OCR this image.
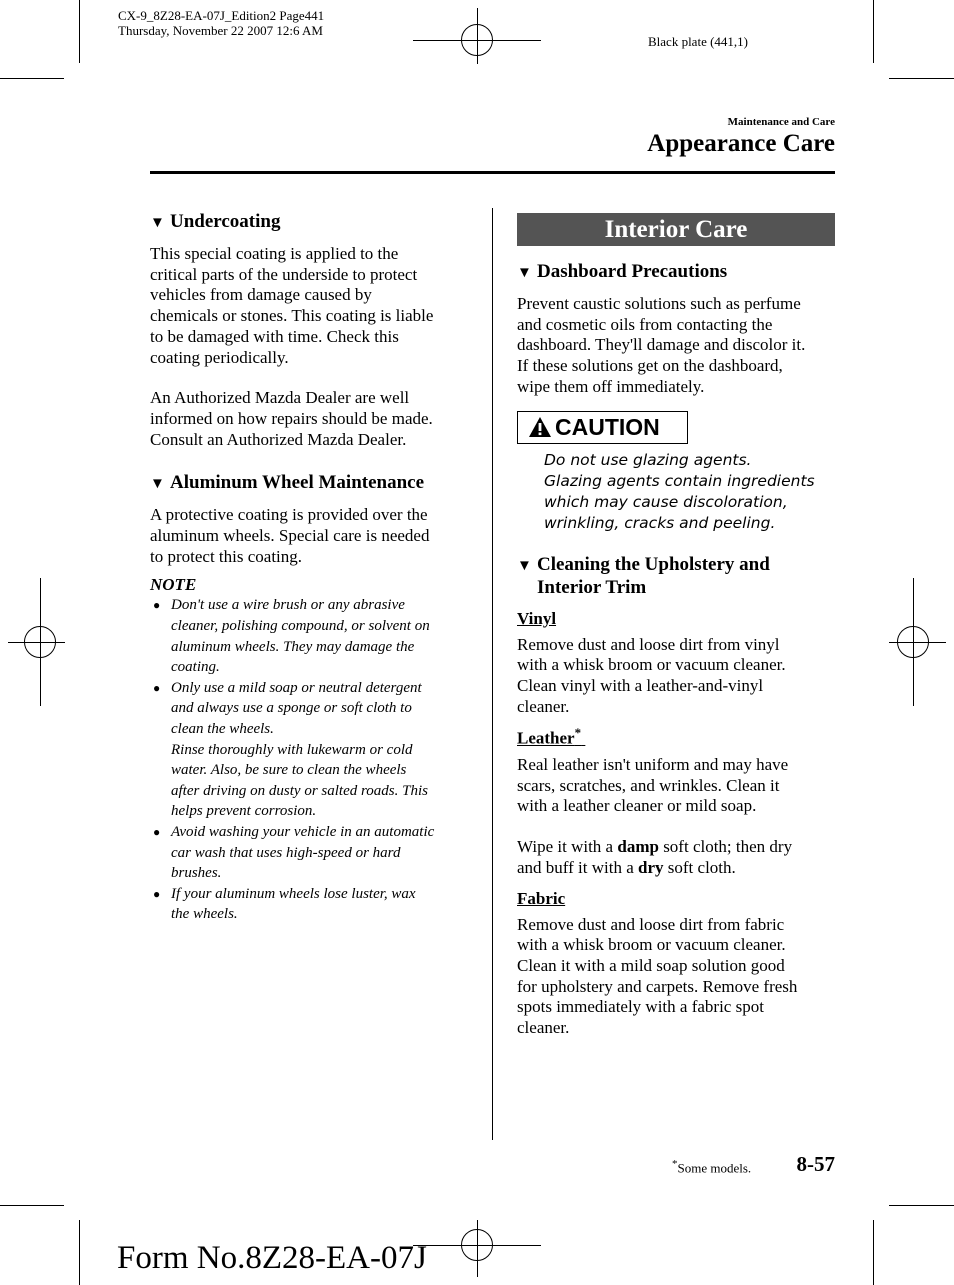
CX-9_8Z28-EA-07J_Edition2 Page441
Thursday, November 22 2007 12:6 AM
Black plate (441,1)
Maintenance and Care
Appearance Care
▼ Undercoating
This special coating is applied to the
critical parts of the underside to protect
vehicles from damage caused by
chemicals or stones. This coating is liable
to be damaged with time. Check this
coating periodically.
An Authorized Mazda Dealer are well
informed on how repairs should be made.
Consult an Authorized Mazda Dealer.
▼ Aluminum Wheel Maintenance
A protective coating is provided over the
aluminum wheels. Special care is needed
to protect this coating.
NOTE
● Don't use a wire brush or any abrasive
cleaner, polishing compound, or solvent on
aluminum wheels. They may damage the
coating.
● Only use a mild soap or neutral detergent
and always use a sponge or soft cloth to
clean the wheels.
Rinse thoroughly with lukewarm or cold
water. Also, be sure to clean the wheels
after driving on dusty or salted roads. This
helps prevent corrosion.
● Avoid washing your vehicle in an automatic
car wash that uses high-speed or hard
brushes.
● If your aluminum wheels lose luster, wax
the wheels.
Interior Care
▼ Dashboard Precautions
Prevent caustic solutions such as perfume
and cosmetic oils from contacting the
dashboard. They'll damage and discolor it.
If these solutions get on the dashboard,
wipe them off immediately.
CAUTION
Do not use glazing agents.
Glazing agents contain ingredients
which may cause discoloration,
wrinkling, cracks and peeling.
▼ Cleaning the Upholstery and
Interior Trim
Vinyl
Remove dust and loose dirt from vinyl
with a whisk broom or vacuum cleaner.
Clean vinyl with a leather-and-vinyl
cleaner.
Leather*
Real leather isn't uniform and may have
scars, scratches, and wrinkles. Clean it
with a leather cleaner or mild soap.
Wipe it with a damp soft cloth; then dry
and buff it with a dry soft cloth.
Fabric
Remove dust and loose dirt from fabric
with a whisk broom or vacuum cleaner.
Clean it with a mild soap solution good
for upholstery and carpets. Remove fresh
spots immediately with a fabric spot
cleaner.
*Some models. 8-57
Form No.8Z28-EA-07J
